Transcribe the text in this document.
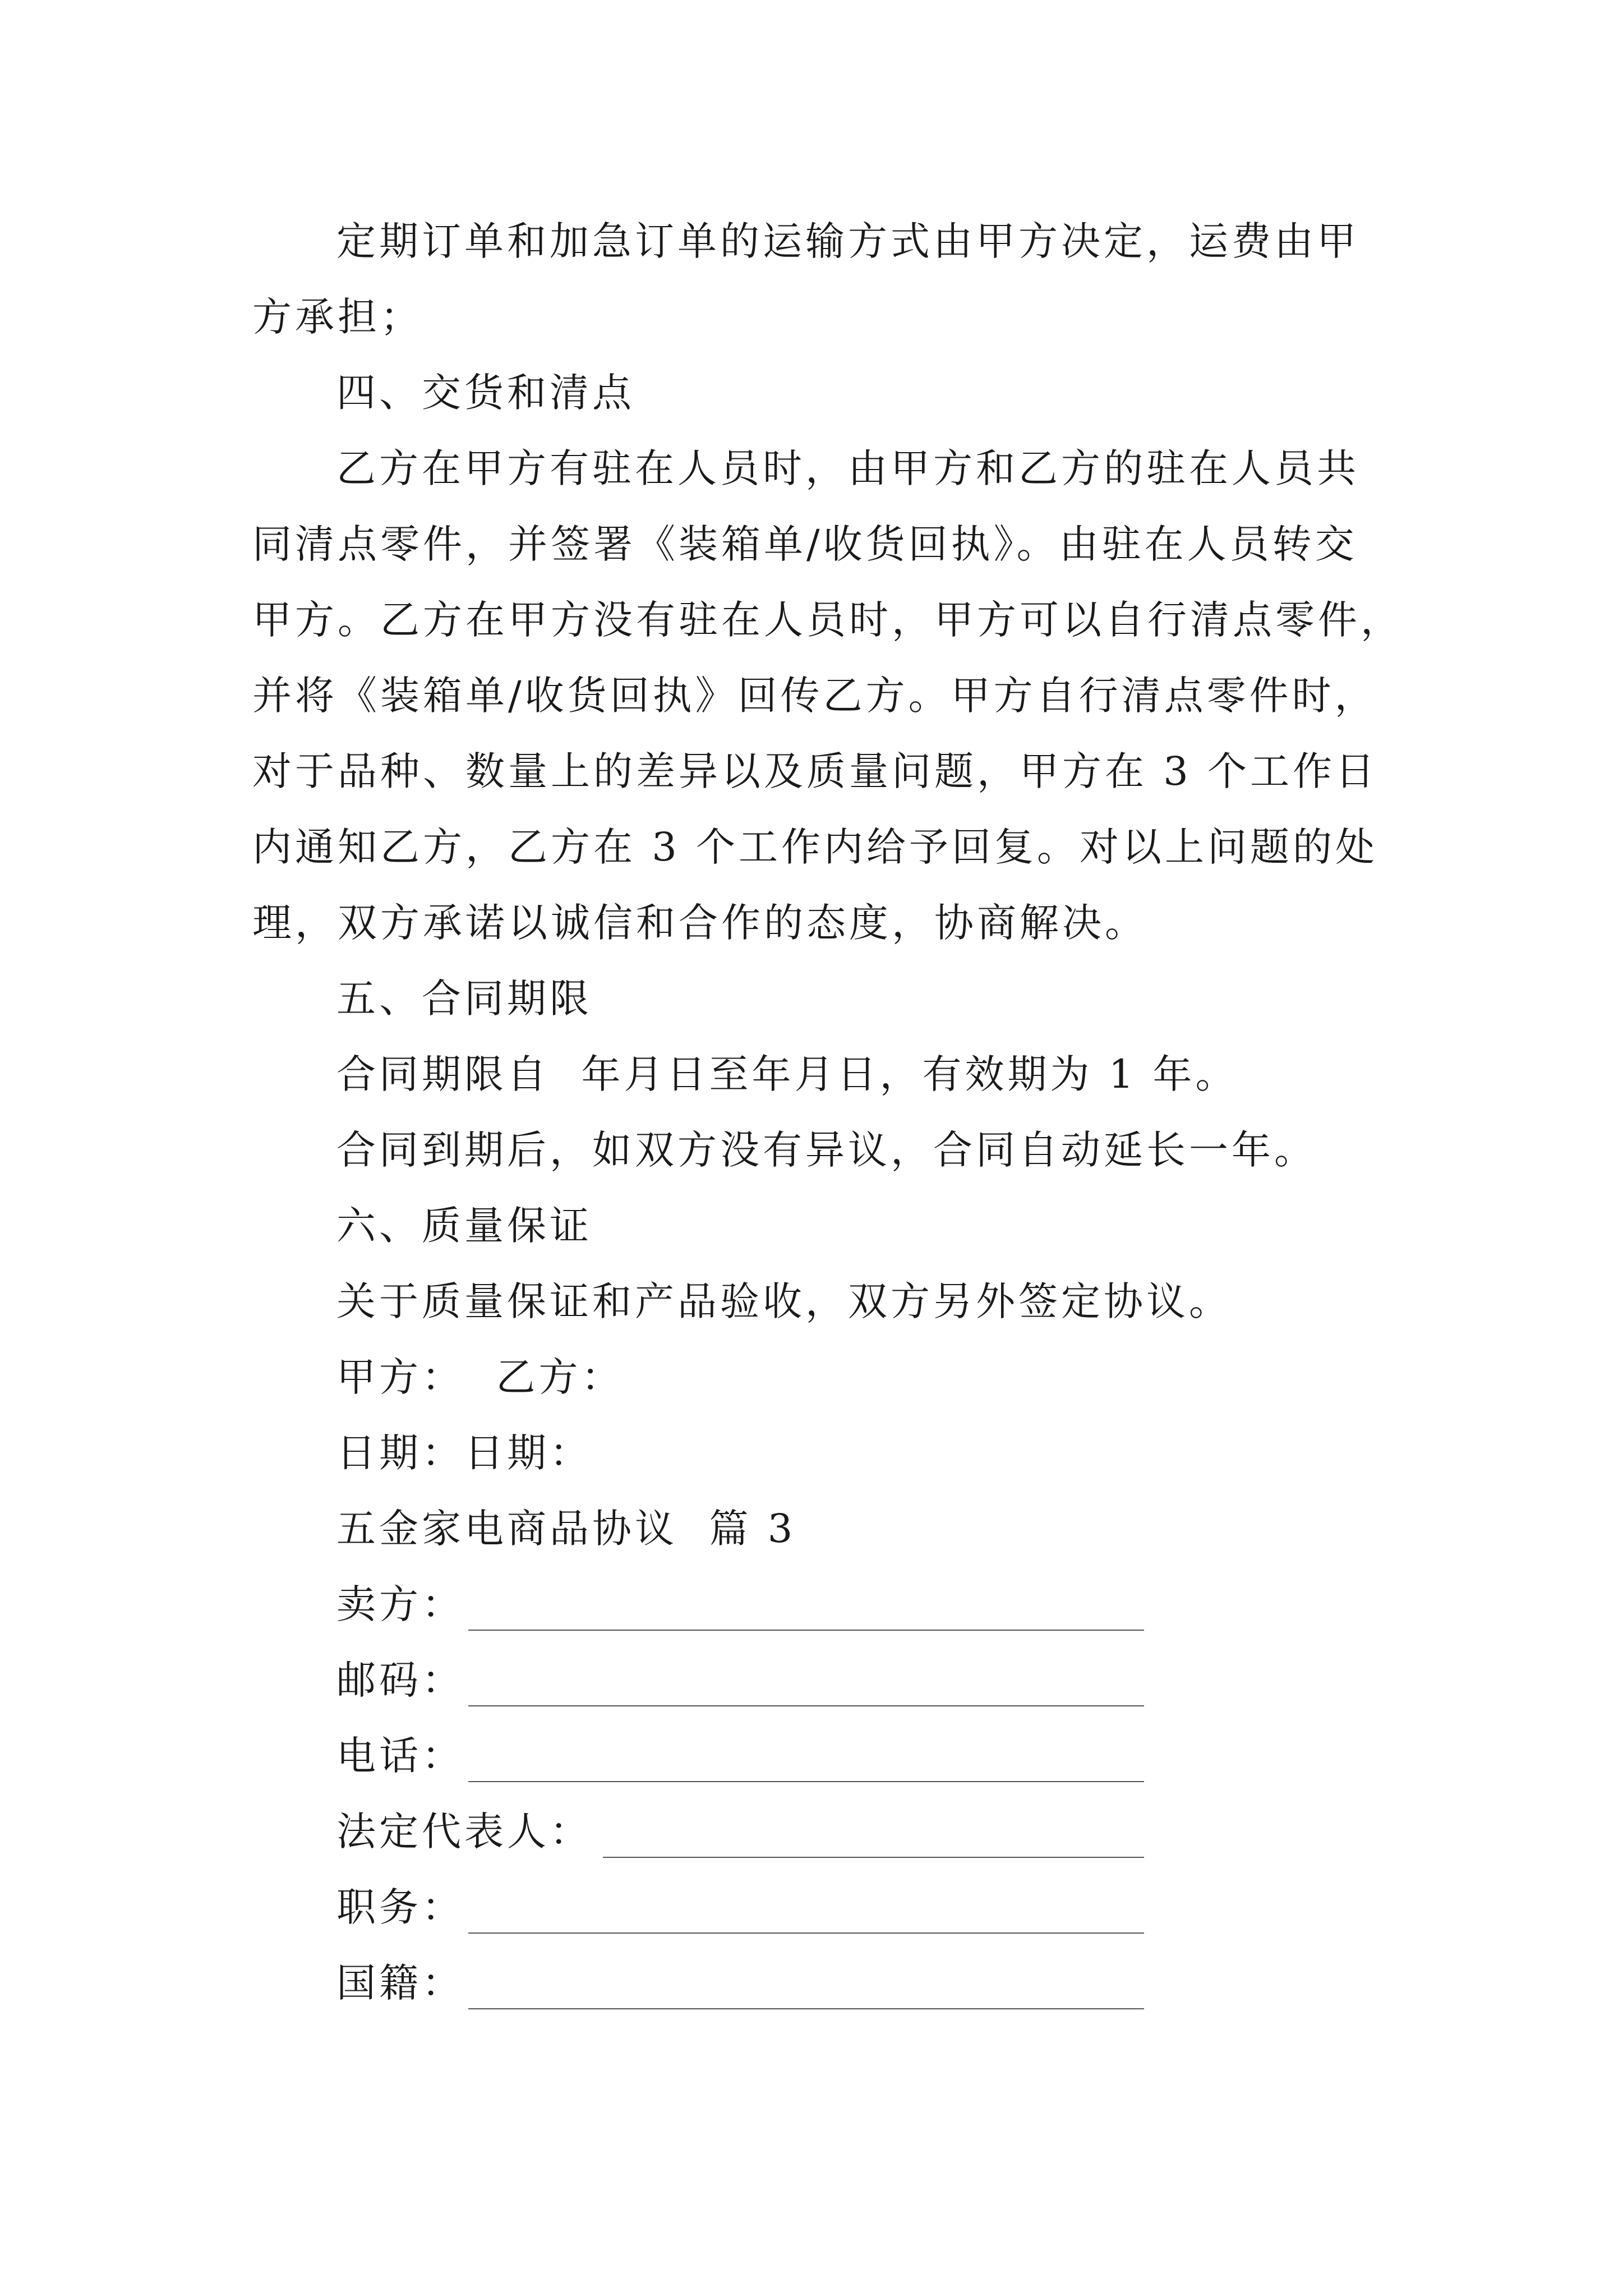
定期订单和加急订单的运输方式由甲方决定，运费由甲
方承担；
四、交货和清点
乙方在甲方有驻在人员时，由甲方和乙方的驻在人员共
同清点零件，并签署《装箱单/收货回执》。由驻在人员转交
甲方。乙方在甲方没有驻在人员时，甲方可以自行清点零件，
并将《装箱单/收货回执》回传乙方。甲方自行清点零件时，
对于品种、数量上的差异以及质量问题，甲方在 3 个工作日
内通知乙方，乙方在 3 个工作内给予回复。对以上问题的处
理，双方承诺以诚信和合作的态度，协商解决。
五、合同期限
合同期限自  年月日至年月日，有效期为 1 年。
合同到期后，如双方没有异议，合同自动延长一年。
六、质量保证
关于质量保证和产品验收，双方另外签定协议。
甲方：  乙方：
日期：日期：
五金家电商品协议  篇 3
卖方：
邮码：
电话：
法定代表人：
职务：
国籍：
